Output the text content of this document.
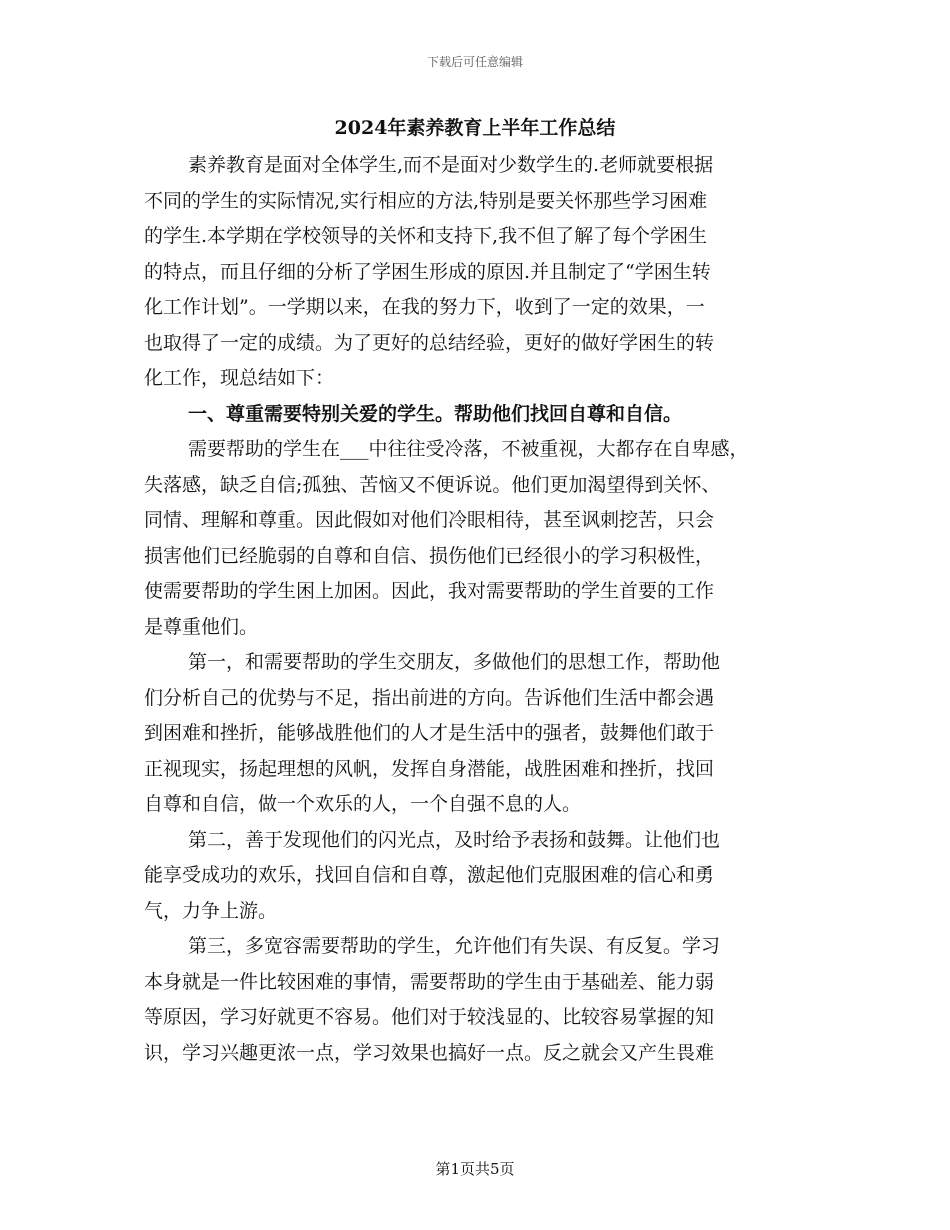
下载后可任意编辑
2024年素养教育上半年工作总结
素养教育是面对全体学生,而不是面对少数学生的.老师就要根据
不同的学生的实际情况,实行相应的方法,特别是要关怀那些学习困难
的学生.本学期在学校领导的关怀和支持下,我不但了解了每个学困生
的特点，而且仔细的分析了学困生形成的原因.并且制定了“学困生转
化工作计划”。一学期以来，在我的努力下，收到了一定的效果，一
也取得了一定的成绩。为了更好的总结经验，更好的做好学困生的转
化工作，现总结如下：
一、尊重需要特别关爱的学生。帮助他们找回自尊和自信。
需要帮助的学生在___中往往受冷落，不被重视，大都存在自卑感，
失落感，缺乏自信;孤独、苦恼又不便诉说。他们更加渴望得到关怀、
同情、理解和尊重。因此假如对他们冷眼相待，甚至讽刺挖苦，只会
损害他们已经脆弱的自尊和自信、损伤他们已经很小的学习积极性，
使需要帮助的学生困上加困。因此，我对需要帮助的学生首要的工作
是尊重他们。
第一，和需要帮助的学生交朋友，多做他们的思想工作，帮助他
们分析自己的优势与不足，指出前进的方向。告诉他们生活中都会遇
到困难和挫折，能够战胜他们的人才是生活中的强者，鼓舞他们敢于
正视现实，扬起理想的风帆，发挥自身潜能，战胜困难和挫折，找回
自尊和自信，做一个欢乐的人，一个自强不息的人。
第二，善于发现他们的闪光点，及时给予表扬和鼓舞。让他们也
能享受成功的欢乐，找回自信和自尊，激起他们克服困难的信心和勇
气，力争上游。
第三，多宽容需要帮助的学生，允许他们有失误、有反复。学习
本身就是一件比较困难的事情，需要帮助的学生由于基础差、能力弱
等原因，学习好就更不容易。他们对于较浅显的、比较容易掌握的知
识，学习兴趣更浓一点，学习效果也搞好一点。反之就会又产生畏难
第1页共5页
